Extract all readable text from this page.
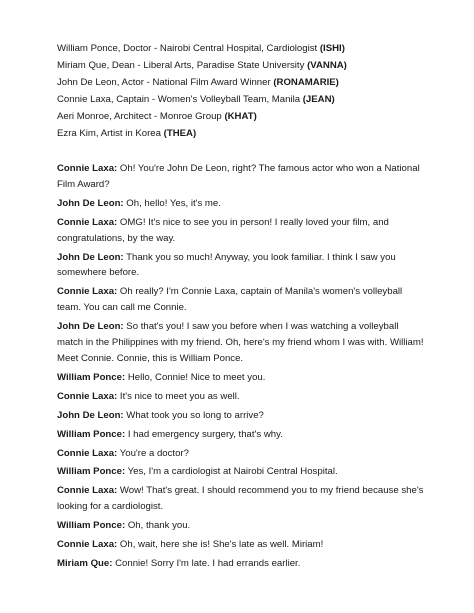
William Ponce, Doctor - Nairobi Central Hospital, Cardiologist (ISHI)
Miriam Que, Dean - Liberal Arts, Paradise State University (VANNA)
John De Leon, Actor - National Film Award Winner (RONAMARIE)
Connie Laxa, Captain - Women's Volleyball Team, Manila (JEAN)
Aeri Monroe, Architect - Monroe Group (KHAT)
Ezra Kim, Artist in Korea (THEA)
Connie Laxa: Oh! You're John De Leon, right? The famous actor who won a National Film Award?
John De Leon: Oh, hello! Yes, it's me.
Connie Laxa: OMG! It's nice to see you in person! I really loved your film, and congratulations, by the way.
John De Leon: Thank you so much! Anyway, you look familiar. I think I saw you somewhere before.
Connie Laxa: Oh really? I'm Connie Laxa, captain of Manila's women's volleyball team. You can call me Connie.
John De Leon: So that's you! I saw you before when I was watching a volleyball match in the Philippines with my friend. Oh, here's my friend whom I was with. William! Meet Connie. Connie, this is William Ponce.
William Ponce: Hello, Connie! Nice to meet you.
Connie Laxa: It's nice to meet you as well.
John De Leon: What took you so long to arrive?
William Ponce: I had emergency surgery, that's why.
Connie Laxa: You're a doctor?
William Ponce: Yes, I'm a cardiologist at Nairobi Central Hospital.
Connie Laxa: Wow! That's great. I should recommend you to my friend because she's looking for a cardiologist.
William Ponce: Oh, thank you.
Connie Laxa: Oh, wait, here she is! She's late as well. Miriam!
Miriam Que: Connie! Sorry I'm late. I had errands earlier.
